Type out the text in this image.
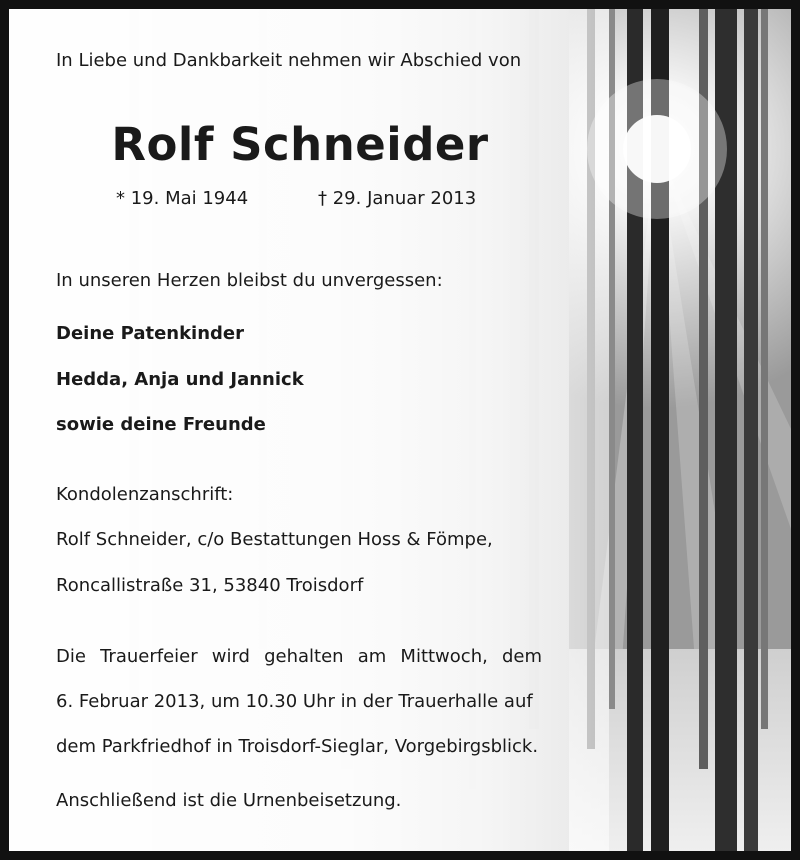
In Liebe und Dankbarkeit nehmen wir Abschied von

Rolf Schneider

* 19. Mai 1944	† 29. Januar 2013

In unseren Herzen bleibst du unvergessen:

Deine Patenkinder

Hedda, Anja und Jannick

sowie deine Freunde

Kondolenzanschrift:

Rolf Schneider, c/o Bestattungen Hoss & Fömpe,

Roncallistraße 31, 53840 Troisdorf

Die Trauerfeier wird gehalten am Mittwoch, dem

6. Februar 2013, um 10.30 Uhr in der Trauerhalle auf

dem Parkfriedhof in Troisdorf-Sieglar, Vorgebirgsblick.

Anschließend ist die Urnenbeisetzung.
